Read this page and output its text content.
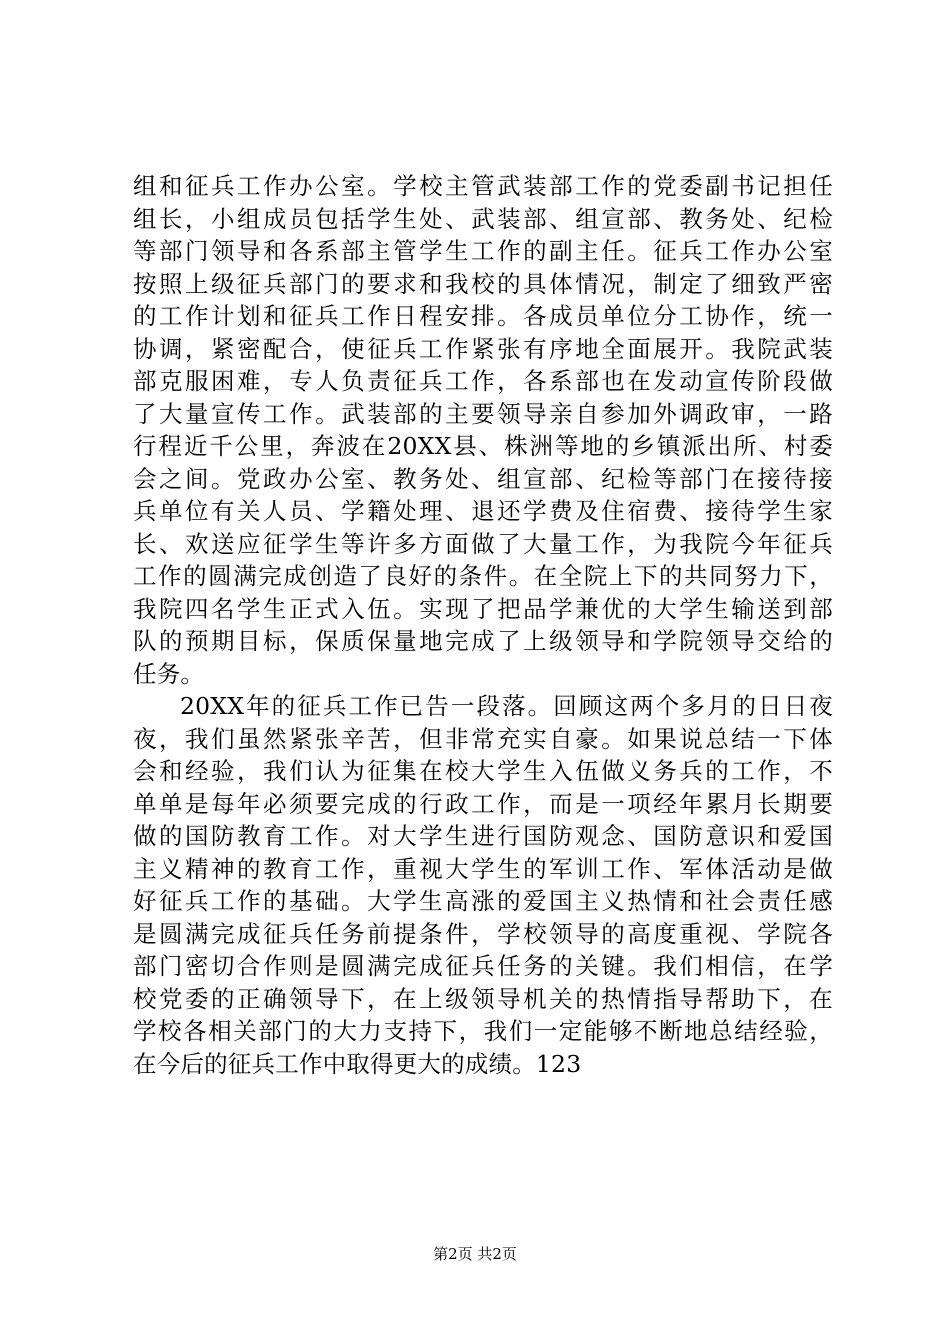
组和征兵工作办公室。学校主管武装部工作的党委副书记担任
组长，小组成员包括学生处、武装部、组宣部、教务处、纪检
等部门领导和各系部主管学生工作的副主任。征兵工作办公室
按照上级征兵部门的要求和我校的具体情况，制定了细致严密
的工作计划和征兵工作日程安排。各成员单位分工协作，统一
协调，紧密配合，使征兵工作紧张有序地全面展开。我院武装
部克服困难，专人负责征兵工作，各系部也在发动宣传阶段做
了大量宣传工作。武装部的主要领导亲自参加外调政审，一路
行程近千公里，奔波在20XX县、株洲等地的乡镇派出所、村委
会之间。党政办公室、教务处、组宣部、纪检等部门在接待接
兵单位有关人员、学籍处理、退还学费及住宿费、接待学生家
长、欢送应征学生等许多方面做了大量工作，为我院今年征兵
工作的圆满完成创造了良好的条件。在全院上下的共同努力下，
我院四名学生正式入伍。实现了把品学兼优的大学生输送到部
队的预期目标，保质保量地完成了上级领导和学院领导交给的
任务。
20XX年的征兵工作已告一段落。回顾这两个多月的日日夜
夜，我们虽然紧张辛苦，但非常充实自豪。如果说总结一下体
会和经验，我们认为征集在校大学生入伍做义务兵的工作，不
单单是每年必须要完成的行政工作，而是一项经年累月长期要
做的国防教育工作。对大学生进行国防观念、国防意识和爱国
主义精神的教育工作，重视大学生的军训工作、军体活动是做
好征兵工作的基础。大学生高涨的爱国主义热情和社会责任感
是圆满完成征兵任务前提条件，学校领导的高度重视、学院各
部门密切合作则是圆满完成征兵任务的关键。我们相信，在学
校党委的正确领导下，在上级领导机关的热情指导帮助下，在
学校各相关部门的大力支持下，我们一定能够不断地总结经验，
在今后的征兵工作中取得更大的成绩。123
第2页 共2页
